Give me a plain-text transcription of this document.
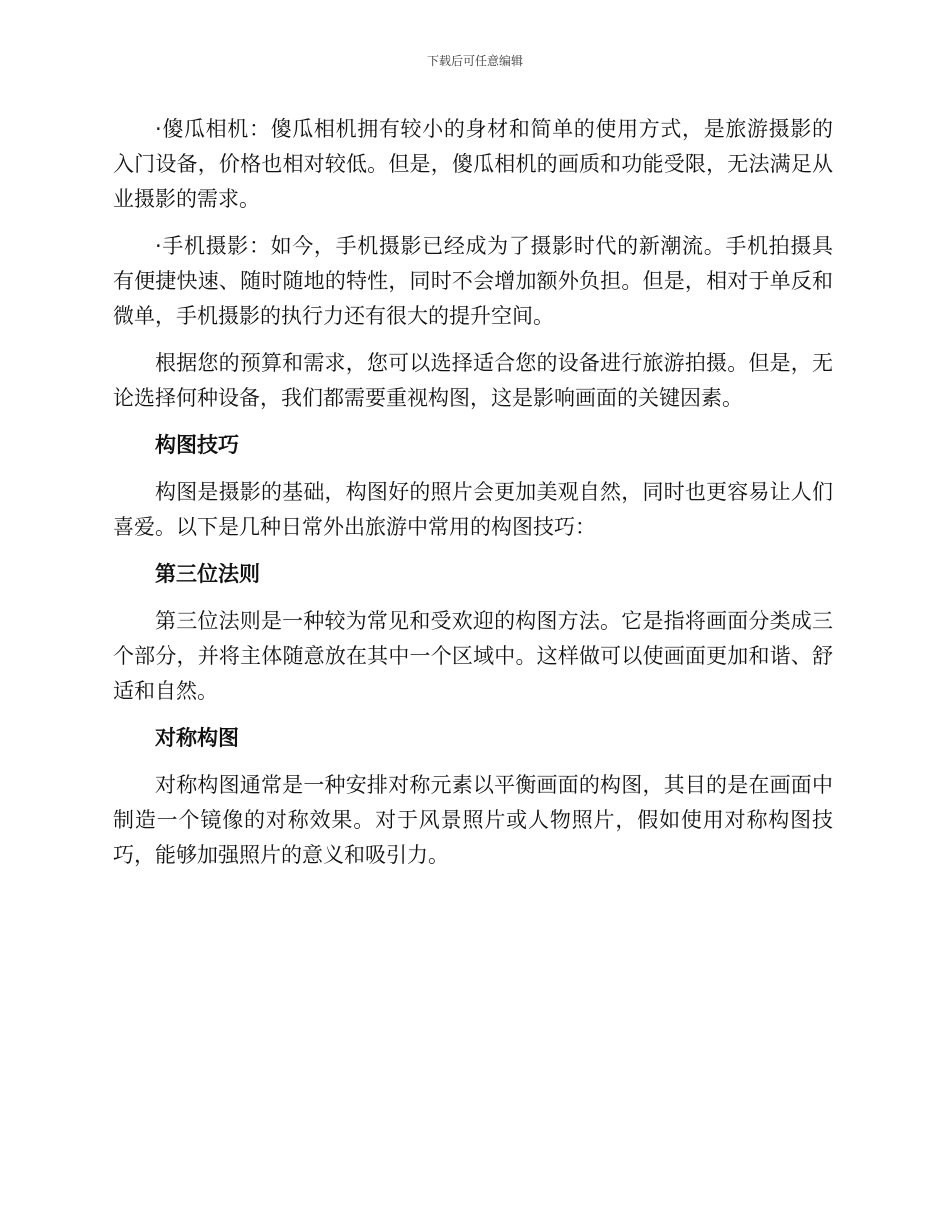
下载后可任意编辑

·傻瓜相机：傻瓜相机拥有较小的身材和简单的使用方式，是旅游摄影的入门设备，价格也相对较低。但是，傻瓜相机的画质和功能受限，无法满足从业摄影的需求。

·手机摄影：如今，手机摄影已经成为了摄影时代的新潮流。手机拍摄具有便捷快速、随时随地的特性，同时不会增加额外负担。但是，相对于单反和微单，手机摄影的执行力还有很大的提升空间。

根据您的预算和需求，您可以选择适合您的设备进行旅游拍摄。但是，无论选择何种设备，我们都需要重视构图，这是影响画面的关键因素。

构图技巧

构图是摄影的基础，构图好的照片会更加美观自然，同时也更容易让人们喜爱。以下是几种日常外出旅游中常用的构图技巧：

第三位法则

第三位法则是一种较为常见和受欢迎的构图方法。它是指将画面分类成三个部分，并将主体随意放在其中一个区域中。这样做可以使画面更加和谐、舒适和自然。

对称构图

对称构图通常是一种安排对称元素以平衡画面的构图，其目的是在画面中制造一个镜像的对称效果。对于风景照片或人物照片，假如使用对称构图技巧，能够加强照片的意义和吸引力。
